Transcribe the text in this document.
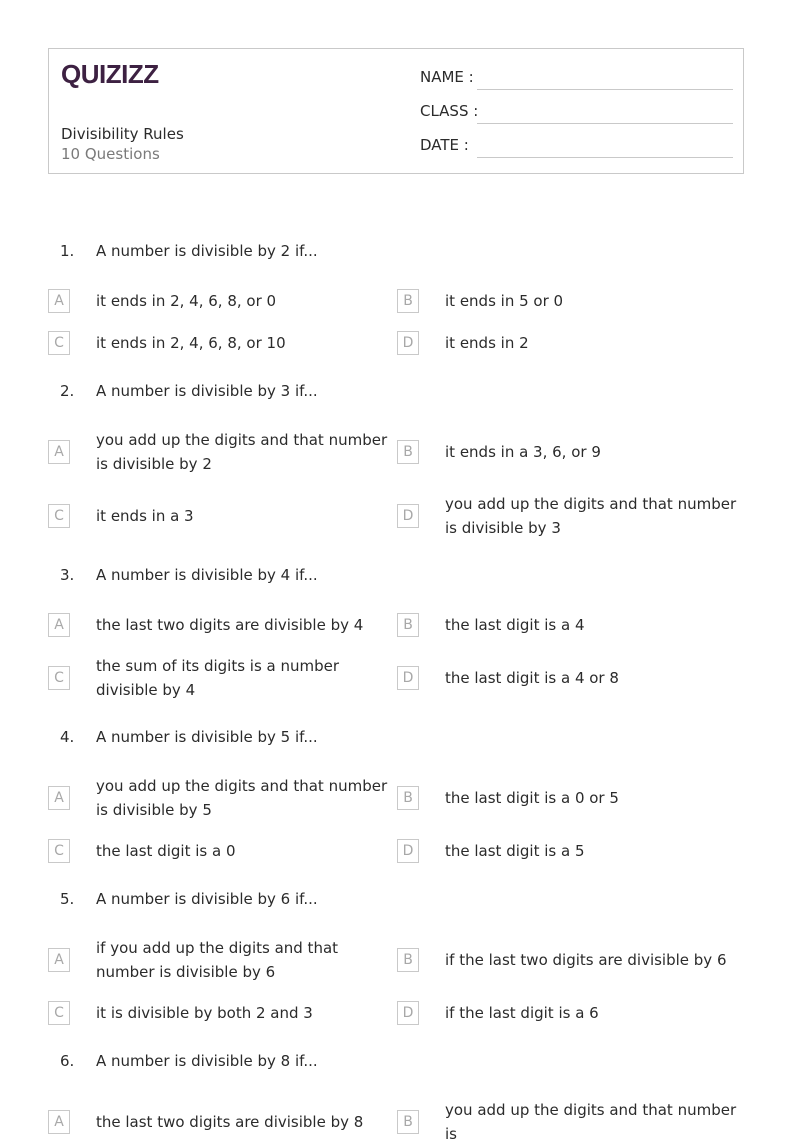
QUIZIZZ
Divisibility Rules
10 Questions
NAME :
CLASS :
DATE :
1.	A number is divisible by 2 if...
A	it ends in 2, 4, 6, 8, or 0	B	it ends in 5 or 0
C	it ends in 2, 4, 6, 8, or 10	D	it ends in 2
2.	A number is divisible by 3 if...
A
you add up the digits and that number is divisible by 2
B	it ends in a 3, 6, or 9
C	it ends in a 3	D
you add up the digits and that number is divisible by 3
3.	A number is divisible by 4 if...
A	the last two digits are divisible by 4	B	the last digit is a 4
C
the sum of its digits is a number divisible by 4
D	the last digit is a 4 or 8
4.	A number is divisible by 5 if...
A
you add up the digits and that number is divisible by 5
B	the last digit is a 0 or 5
C	the last digit is a 0	D	the last digit is a 5
5.	A number is divisible by 6 if...
A
if you add up the digits and that number is divisible by 6
B	if the last two digits are divisible by 6
C	it is divisible by both 2 and 3	D	if the last digit is a 6
6.	A number is divisible by 8 if...
A	the last two digits are divisible by 8	B
you add up the digits and that number is
